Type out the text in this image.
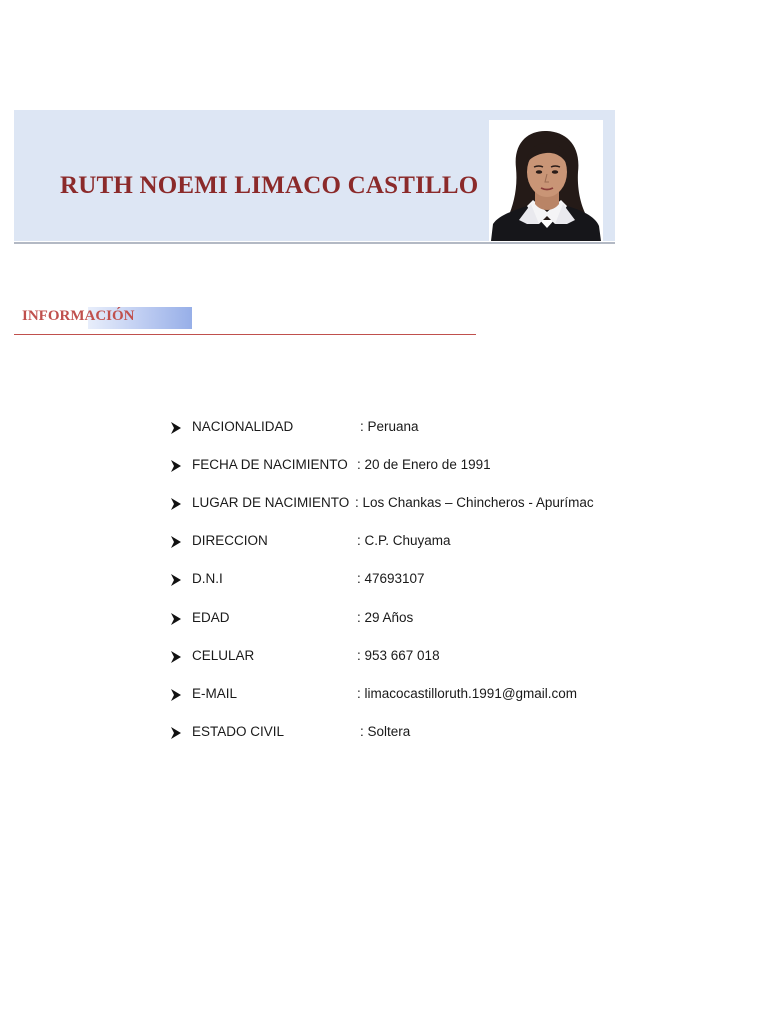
RUTH NOEMI LIMACO CASTILLO
INFORMACIÓN
NACIONALIDAD	: Peruana
FECHA DE NACIMIENTO : 20 de Enero de 1991
LUGAR DE NACIMIENTO : Los Chankas – Chincheros - Apurímac
DIRECCION	: C.P. Chuyama
D.N.I	: 47693107
EDAD	: 29 Años
CELULAR	: 953 667 018
E-MAIL	: limacocastilloruth.1991@gmail.com
ESTADO CIVIL	: Soltera
